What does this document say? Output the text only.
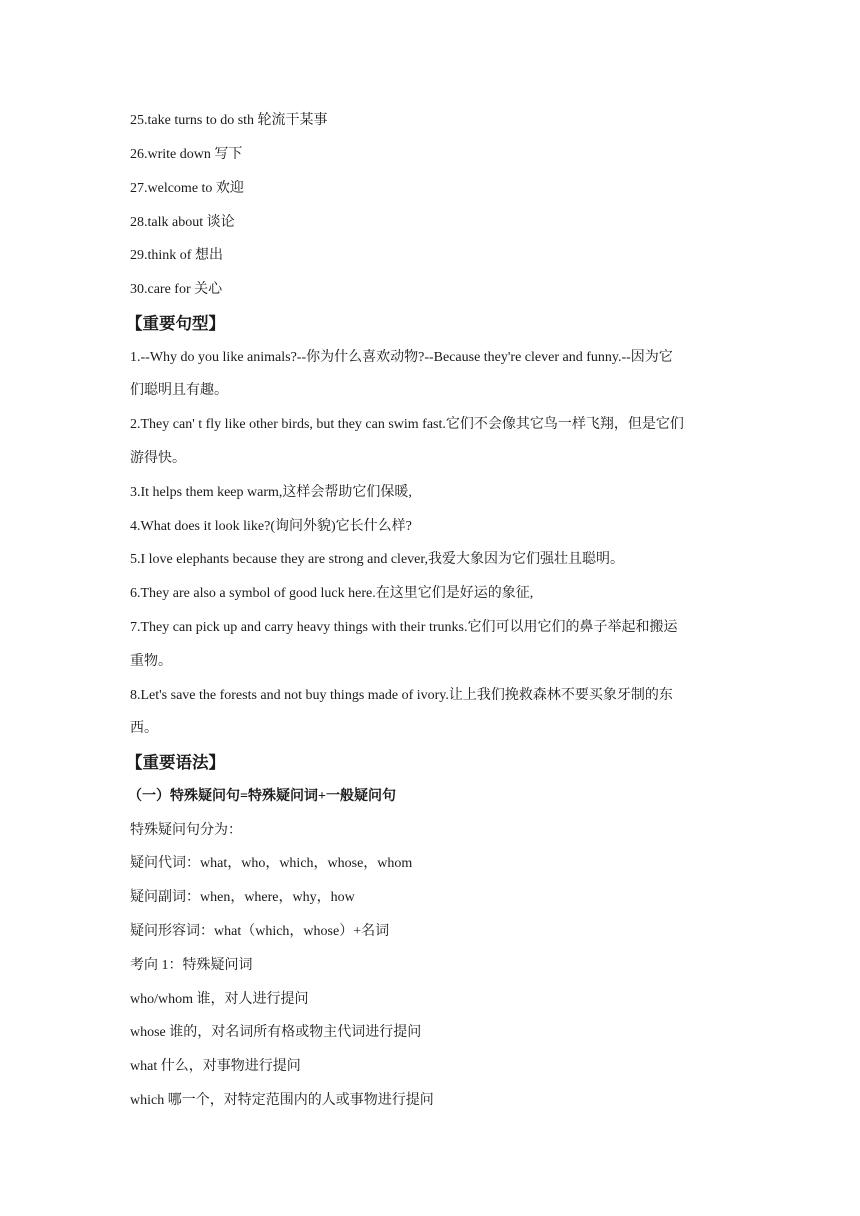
25.take turns to do sth 轮流干某事
26.write down 写下
27.welcome to 欢迎
28.talk about 谈论
29.think of 想出
30.care for 关心
【重要句型】
1.--Why do you like animals?--你为什么喜欢动物?--Because they're clever and funny.--因为它
们聪明且有趣。
2.They can' t fly like other birds, but they can swim fast.它们不会像其它鸟一样飞翔，但是它们
游得快。
3.It helps them keep warm,这样会帮助它们保暖,
4.What does it look like?(询问外貌)它长什么样?
5.I love elephants because they are strong and clever,我爱大象因为它们强壮且聪明。
6.They are also a symbol of good luck here.在这里它们是好运的象征,
7.They can pick up and carry heavy things with their trunks.它们可以用它们的鼻子举起和搬运
重物。
8.Let's save the forests and not buy things made of ivory.让上我们挽救森林不要买象牙制的东
西。
【重要语法】
（一）特殊疑问句=特殊疑问词+一般疑问句
特殊疑问句分为：
疑问代词：what，who，which，whose，whom
疑问副词：when，where，why，how
疑问形容词：what（which，whose）+名词
考向 1：特殊疑问词
who/whom 谁，对人进行提问
whose 谁的，对名词所有格或物主代词进行提问
what 什么，对事物进行提问
which 哪一个，对特定范围内的人或事物进行提问
